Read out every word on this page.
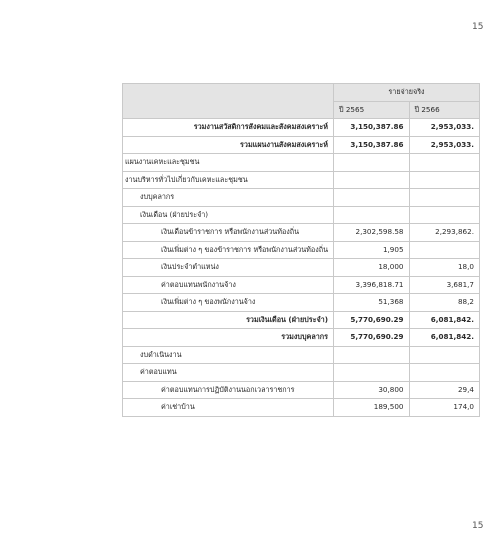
15
	รายจ่ายจริง	
	ปี 2565	ปี 2566
รวมงานสวัสดิการสังคมและสังคมสงเคราะห์	3,150,387.86	2,953,033.
รวมแผนงานสังคมสงเคราะห์	3,150,387.86	2,953,033.
แผนงานเคหะและชุมชน		
งานบริหารทั่วไปเกี่ยวกับเคหะและชุมชน		
งบบุคลากร		
เงินเดือน (ฝ่ายประจำ)		
เงินเดือนข้าราชการ หรือพนักงานส่วนท้องถิ่น	2,302,598.58	2,293,862.
เงินเพิ่มต่าง ๆ ของข้าราชการ หรือพนักงานส่วนท้องถิ่น	1,905	
เงินประจำตำแหน่ง	18,000	18,0
ค่าตอบแทนพนักงานจ้าง	3,396,818.71	3,681,7
เงินเพิ่มต่าง ๆ ของพนักงานจ้าง	51,368	88,2
รวมเงินเดือน (ฝ่ายประจำ)	5,770,690.29	6,081,842.
รวมงบบุคลากร	5,770,690.29	6,081,842.
งบดำเนินงาน		
ค่าตอบแทน		
ค่าตอบแทนการปฏิบัติงานนอกเวลาราชการ	30,800	29,4
ค่าเช่าบ้าน	189,500	174,0
15
